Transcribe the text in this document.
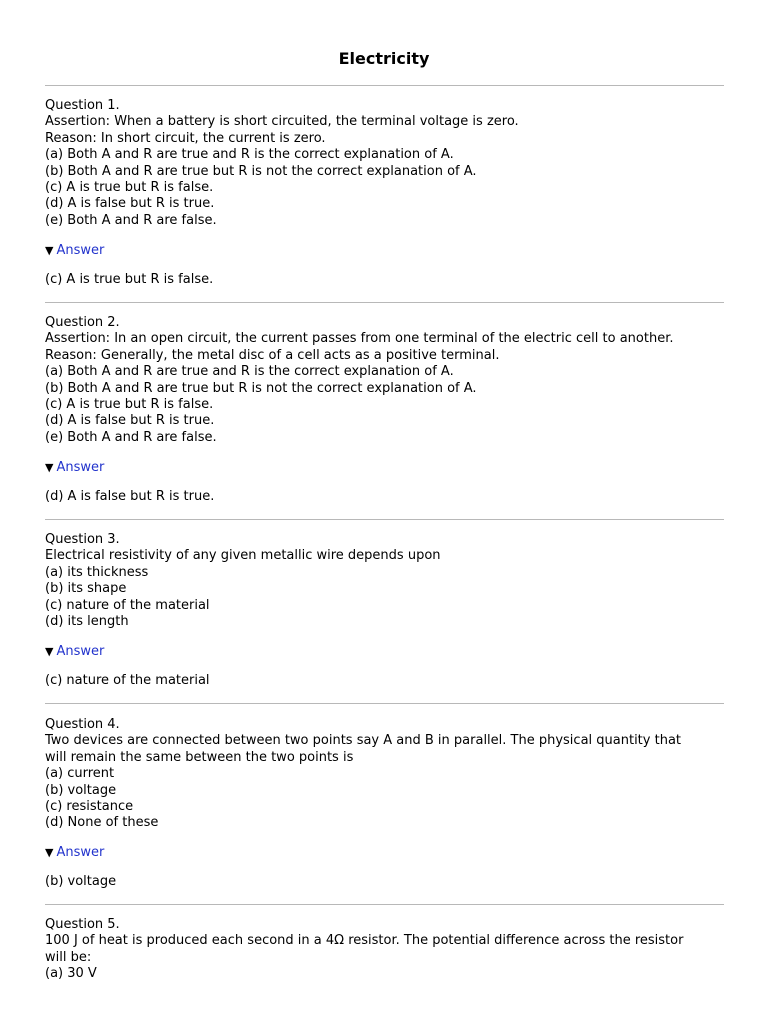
Electricity
Question 1.
Assertion: When a battery is short circuited, the terminal voltage is zero.
Reason: In short circuit, the current is zero.
(a) Both A and R are true and R is the correct explanation of A.
(b) Both A and R are true but R is not the correct explanation of A.
(c) A is true but R is false.
(d) A is false but R is true.
(e) Both A and R are false.
▼ Answer
(c) A is true but R is false.
Question 2.
Assertion: In an open circuit, the current passes from one terminal of the electric cell to another.
Reason: Generally, the metal disc of a cell acts as a positive terminal.
(a) Both A and R are true and R is the correct explanation of A.
(b) Both A and R are true but R is not the correct explanation of A.
(c) A is true but R is false.
(d) A is false but R is true.
(e) Both A and R are false.
▼ Answer
(d) A is false but R is true.
Question 3.
Electrical resistivity of any given metallic wire depends upon
(a) its thickness
(b) its shape
(c) nature of the material
(d) its length
▼ Answer
(c) nature of the material
Question 4.
Two devices are connected between two points say A and B in parallel. The physical quantity that
will remain the same between the two points is
(a) current
(b) voltage
(c) resistance
(d) None of these
▼ Answer
(b) voltage
Question 5.
100 J of heat is produced each second in a 4Ω resistor. The potential difference across the resistor
will be:
(a) 30 V
